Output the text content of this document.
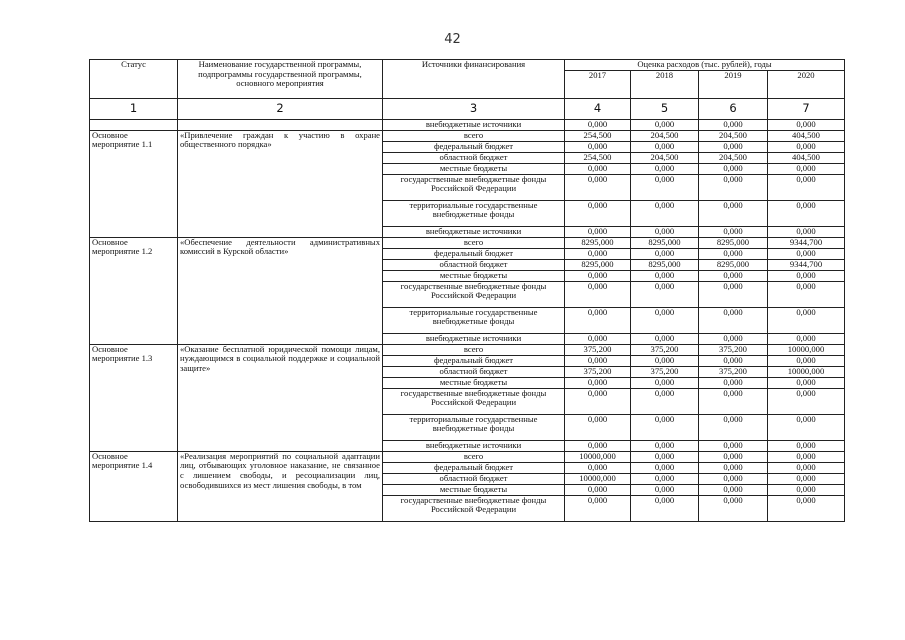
42
Статус	Наименование государственной программы, подпрограммы государственной программы, основного мероприятия	Источники финансирования	Оценка расходов (тыс. рублей), годы			
			2017	2018	2019	2020
1	2	3	4	5	6	7
		внебюджетные источники	0,000	0,000	0,000	0,000
Основное мероприятие 1.1	«Привлечение граждан к участию в охране общественного порядка»	всего	254,500	204,500	204,500	404,500
		федеральный бюджет	0,000	0,000	0,000	0,000
		областной бюджет	254,500	204,500	204,500	404,500
		местные бюджеты	0,000	0,000	0,000	0,000
		государственные внебюджетные фонды Российской Федерации	0,000	0,000	0,000	0,000
		территориальные государственные внебюджетные фонды	0,000	0,000	0,000	0,000
		внебюджетные источники	0,000	0,000	0,000	0,000
Основное мероприятие 1.2	«Обеспечение деятельности административных комиссий в Курской области»	всего	8295,000	8295,000	8295,000	9344,700
		федеральный бюджет	0,000	0,000	0,000	0,000
		областной бюджет	8295,000	8295,000	8295,000	9344,700
		местные бюджеты	0,000	0,000	0,000	0,000
		государственные внебюджетные фонды Российской Федерации	0,000	0,000	0,000	0,000
		территориальные государственные внебюджетные фонды	0,000	0,000	0,000	0,000
		внебюджетные источники	0,000	0,000	0,000	0,000
Основное мероприятие 1.3	«Оказание бесплатной юридической помощи лицам, нуждающимся в социальной поддержке и социальной защите»	всего	375,200	375,200	375,200	10000,000
		федеральный бюджет	0,000	0,000	0,000	0,000
		областной бюджет	375,200	375,200	375,200	10000,000
		местные бюджеты	0,000	0,000	0,000	0,000
		государственные внебюджетные фонды Российской Федерации	0,000	0,000	0,000	0,000
		территориальные государственные внебюджетные фонды	0,000	0,000	0,000	0,000
		внебюджетные источники	0,000	0,000	0,000	0,000
Основное мероприятие 1.4	«Реализация мероприятий по социальной адаптации лиц, отбывающих уголовное наказание, не связанное с лишением свободы, и ресоциализации лиц, освободившихся из мест лишения свободы, в том	всего	10000,000	0,000	0,000	0,000
		федеральный бюджет	0,000	0,000	0,000	0,000
		областной бюджет	10000,000	0,000	0,000	0,000
		местные бюджеты	0,000	0,000	0,000	0,000
		государственные внебюджетные фонды Российской Федерации	0,000	0,000	0,000	0,000
